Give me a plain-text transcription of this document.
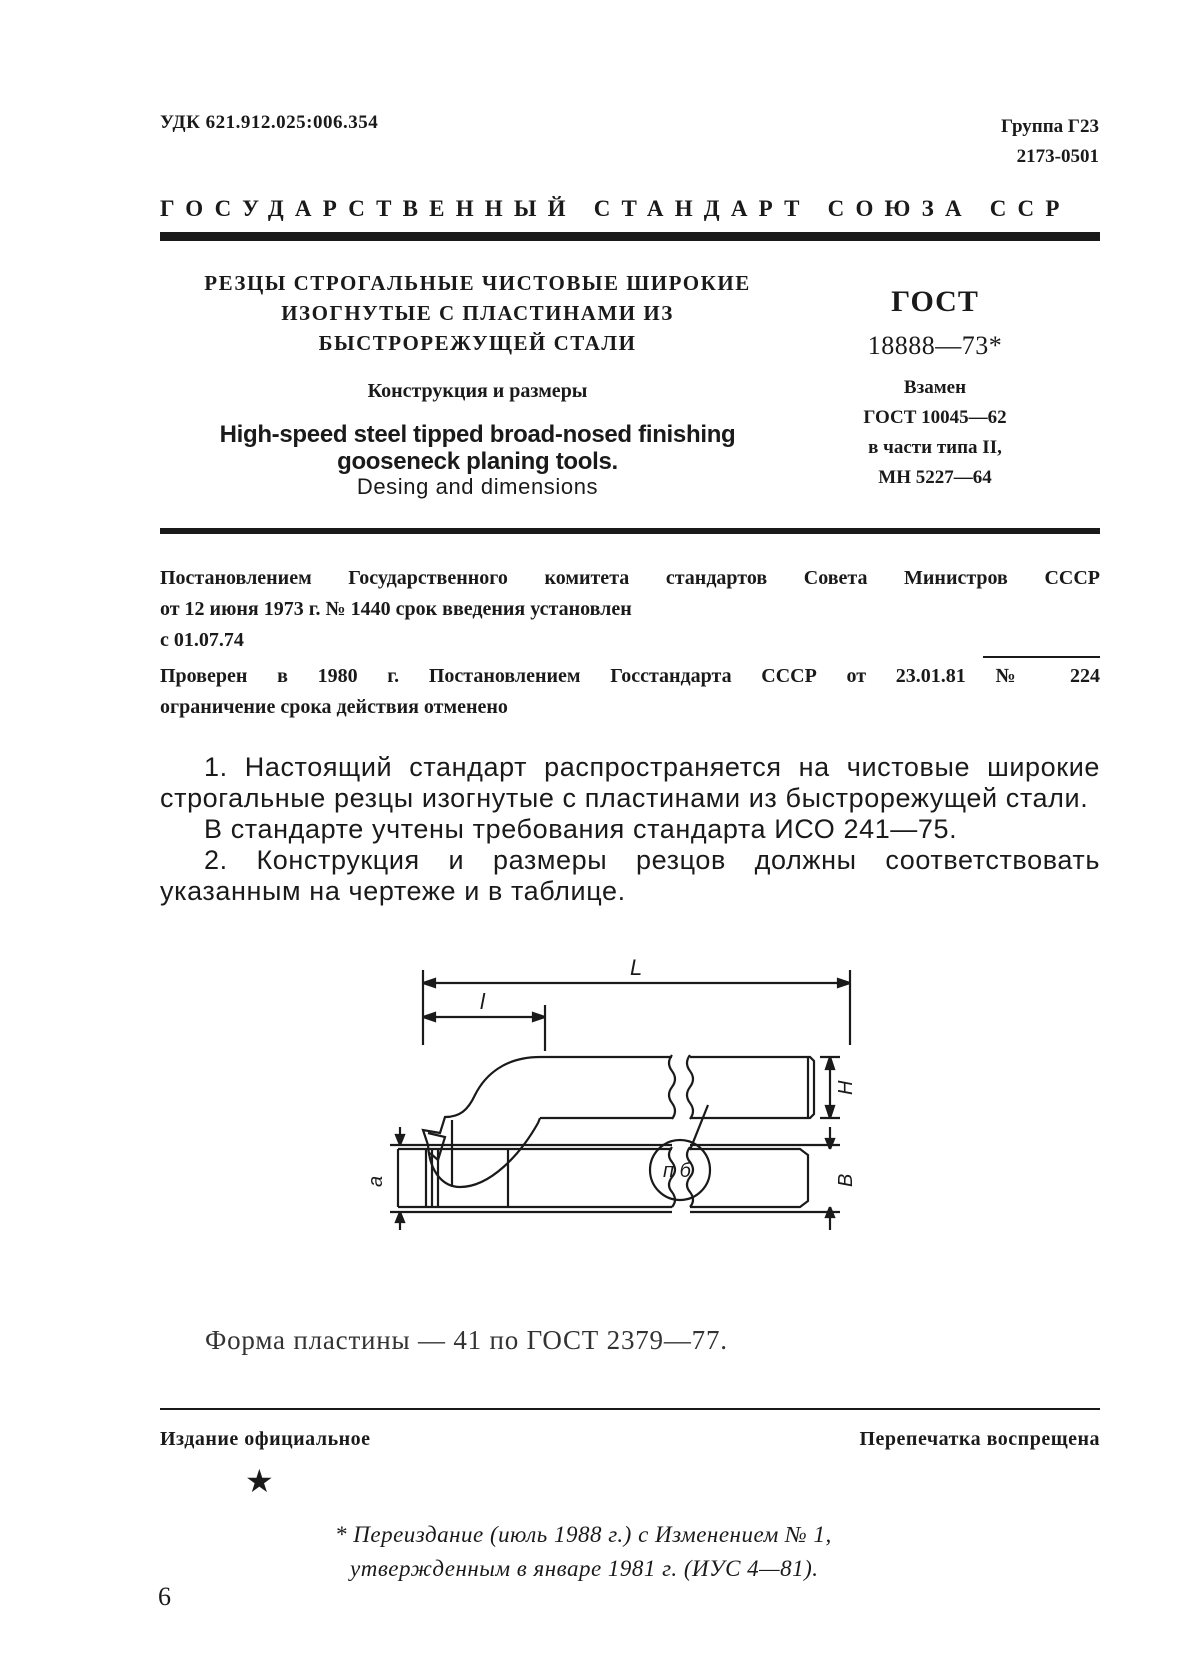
УДК 621.912.025:006.354	Группа Г23
2173-0501
ГОСУДАРСТВЕННЫЙ СТАНДАРТ СОЮЗА ССР
РЕЗЦЫ СТРОГАЛЬНЫЕ ЧИСТОВЫЕ ШИРОКИЕ
ИЗОГНУТЫЕ С ПЛАСТИНАМИ ИЗ
БЫСТРОРЕЖУЩЕЙ СТАЛИ
Конструкция и размеры
High-speed steel tipped broad-nosed finishing
gooseneck planing tools.
Desing and dimensions
ГОСТ
18888—73*
Взамен
ГОСТ 10045—62
в части типа II,
МН 5227—64
Постановлением Государственного комитета стандартов Совета Министров СССР
от 12 июня 1973 г. № 1440 срок введения установлен
с 01.07.74
Проверен в 1980 г. Постановлением Госстандарта СССР от 23.01.81 № 224
ограничение срока действия отменено

1. Настоящий стандарт распространяется на чистовые широкие строгальные резцы изогнутые с пластинами из быстрорежущей стали.

В стандарте учтены требования стандарта ИСО 241—75.

2. Конструкция и размеры резцов должны соответствовать указанным на чертеже и в таблице.

L
l
H
B
a	п б
Форма пластины — 41 по ГОСТ 2379—77.
Издание официальное	Перепечатка воспрещена
★
* Переиздание (июль 1988 г.) с Изменением № 1,
утвержденным в январе 1981 г. (ИУС 4—81).
6
